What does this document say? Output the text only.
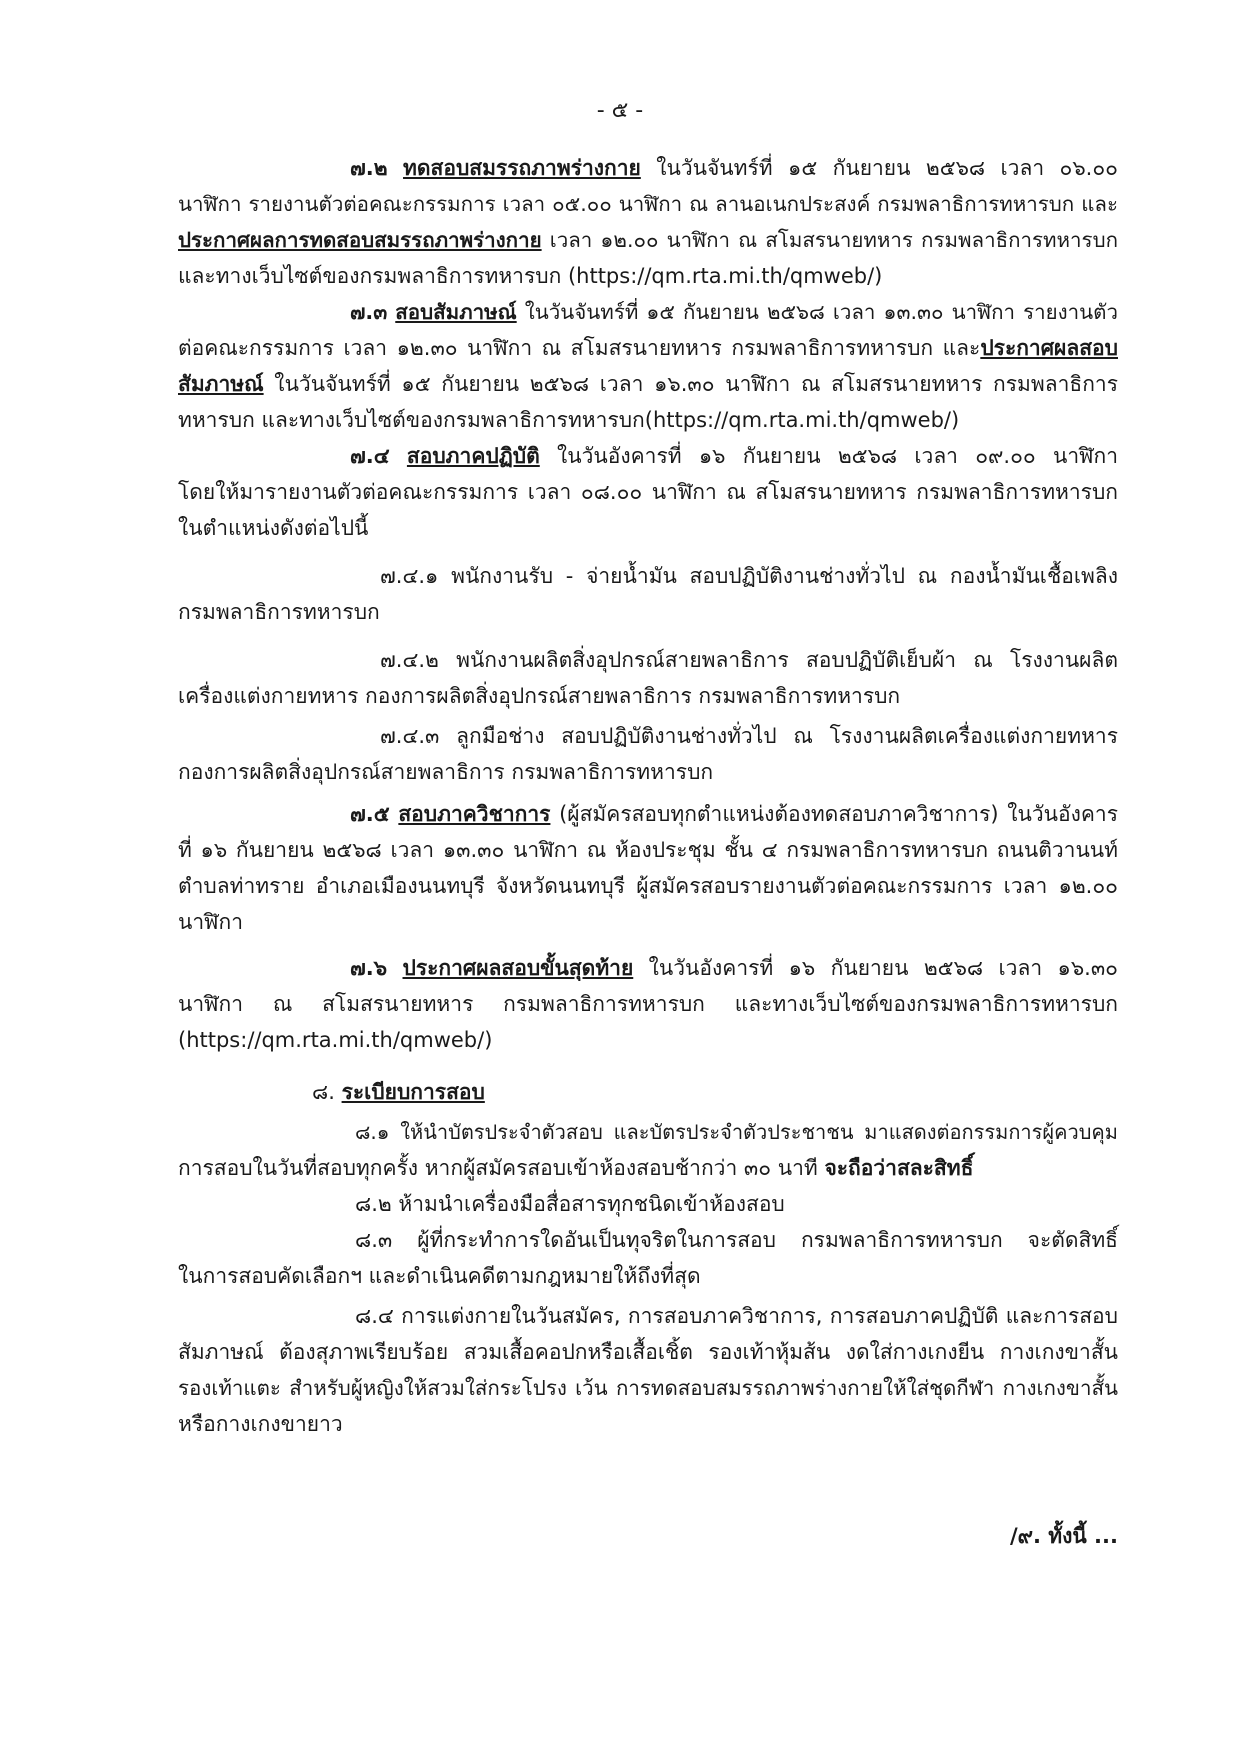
- ๕ -
๗.๒ ทดสอบสมรรถภาพร่างกาย ในวันจันทร์ที่ ๑๕ กันยายน ๒๕๖๘ เวลา ๐๖.๐๐
นาฬิกา รายงานตัวต่อคณะกรรมการ เวลา ๐๕.๐๐ นาฬิกา ณ ลานอเนกประสงค์ กรมพลาธิการทหารบก และ
ประกาศผลการทดสอบสมรรถภาพร่างกาย เวลา ๑๒.๐๐ นาฬิกา ณ สโมสรนายทหาร กรมพลาธิการทหารบก
และทางเว็บไซต์ของกรมพลาธิการทหารบก (https://qm.rta.mi.th/qmweb/)
๗.๓ สอบสัมภาษณ์ ในวันจันทร์ที่ ๑๕ กันยายน ๒๕๖๘ เวลา ๑๓.๓๐ นาฬิกา รายงานตัว
ต่อคณะกรรมการ เวลา ๑๒.๓๐ นาฬิกา ณ สโมสรนายทหาร กรมพลาธิการทหารบก และประกาศผลสอบ
สัมภาษณ์ ในวันจันทร์ที่ ๑๕ กันยายน ๒๕๖๘ เวลา ๑๖.๓๐ นาฬิกา ณ สโมสรนายทหาร กรมพลาธิการ
ทหารบก และทางเว็บไซต์ของกรมพลาธิการทหารบก(https://qm.rta.mi.th/qmweb/)
๗.๔ สอบภาคปฏิบัติ ในวันอังคารที่ ๑๖ กันยายน ๒๕๖๘ เวลา ๐๙.๐๐ นาฬิกา
โดยให้มารายงานตัวต่อคณะกรรมการ เวลา ๐๘.๐๐ นาฬิกา ณ สโมสรนายทหาร กรมพลาธิการทหารบก
ในตำแหน่งดังต่อไปนี้
๗.๔.๑ พนักงานรับ - จ่ายน้ำมัน สอบปฏิบัติงานช่างทั่วไป ณ กองน้ำมันเชื้อเพลิง
กรมพลาธิการทหารบก
๗.๔.๒ พนักงานผลิตสิ่งอุปกรณ์สายพลาธิการ สอบปฏิบัติเย็บผ้า ณ โรงงานผลิต
เครื่องแต่งกายทหาร กองการผลิตสิ่งอุปกรณ์สายพลาธิการ กรมพลาธิการทหารบก
๗.๔.๓ ลูกมือช่าง สอบปฏิบัติงานช่างทั่วไป ณ โรงงานผลิตเครื่องแต่งกายทหาร
กองการผลิตสิ่งอุปกรณ์สายพลาธิการ กรมพลาธิการทหารบก
๗.๕ สอบภาควิชาการ (ผู้สมัครสอบทุกตำแหน่งต้องทดสอบภาควิชาการ) ในวันอังคาร
ที่ ๑๖ กันยายน ๒๕๖๘ เวลา ๑๓.๓๐ นาฬิกา ณ ห้องประชุม ชั้น ๔ กรมพลาธิการทหารบก ถนนติวานนท์
ตำบลท่าทราย อำเภอเมืองนนทบุรี จังหวัดนนทบุรี ผู้สมัครสอบรายงานตัวต่อคณะกรรมการ เวลา ๑๒.๐๐
นาฬิกา
๗.๖ ประกาศผลสอบขั้นสุดท้าย ในวันอังคารที่ ๑๖ กันยายน ๒๕๖๘ เวลา ๑๖.๓๐
นาฬิกา ณ สโมสรนายทหาร กรมพลาธิการทหารบก และทางเว็บไซต์ของกรมพลาธิการทหารบก
(https://qm.rta.mi.th/qmweb/)
๘. ระเบียบการสอบ
๘.๑ ให้นำบัตรประจำตัวสอบ และบัตรประจำตัวประชาชน มาแสดงต่อกรรมการผู้ควบคุม
การสอบในวันที่สอบทุกครั้ง หากผู้สมัครสอบเข้าห้องสอบช้ากว่า ๓๐ นาที จะถือว่าสละสิทธิ์
๘.๒ ห้ามนำเครื่องมือสื่อสารทุกชนิดเข้าห้องสอบ
๘.๓ ผู้ที่กระทำการใดอันเป็นทุจริตในการสอบ กรมพลาธิการทหารบก จะตัดสิทธิ์
ในการสอบคัดเลือกฯ และดำเนินคดีตามกฎหมายให้ถึงที่สุด
๘.๔ การแต่งกายในวันสมัคร, การสอบภาควิชาการ, การสอบภาคปฏิบัติ และการสอบ
สัมภาษณ์ ต้องสุภาพเรียบร้อย สวมเสื้อคอปกหรือเสื้อเชิ้ต รองเท้าหุ้มส้น งดใส่กางเกงยีน กางเกงขาสั้น
รองเท้าแตะ สำหรับผู้หญิงให้สวมใส่กระโปรง เว้น การทดสอบสมรรถภาพร่างกายให้ใส่ชุดกีฬา กางเกงขาสั้น
หรือกางเกงขายาว
/๙. ทั้งนี้ ...
